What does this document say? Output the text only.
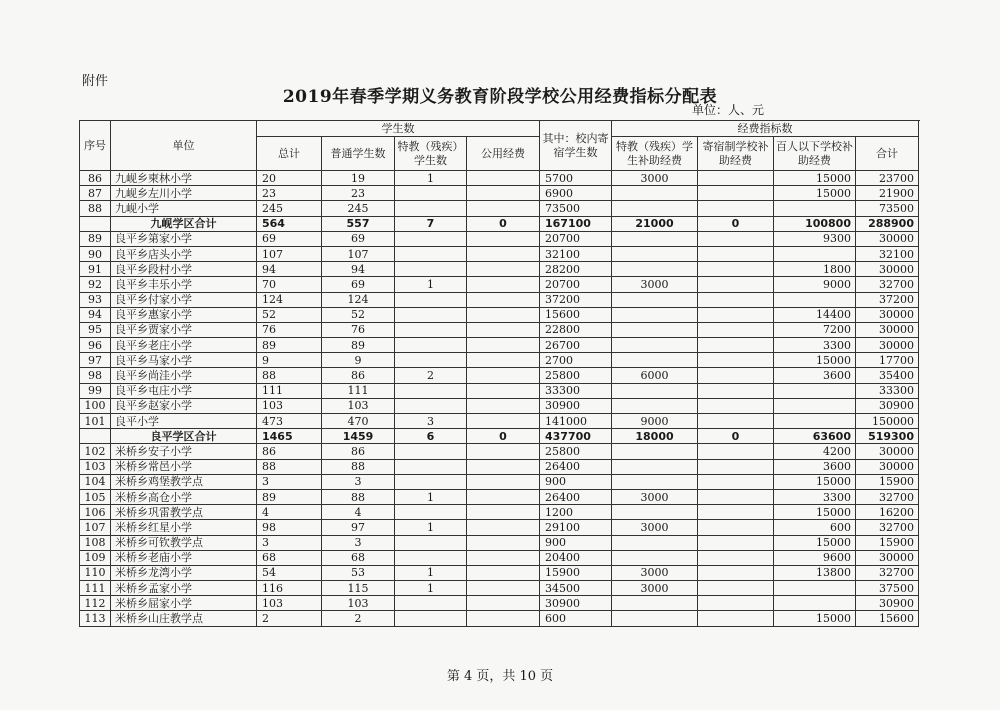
附件
2019年春季学期义务教育阶段学校公用经费指标分配表
单位：人、元
序号	单位	学生数				其中：校内寄宿学生数	经费指标数			
		总计	普通学生数	特教（残疾）学生数	公用经费		特教（残疾）学生补助经费	寄宿制学校补助经费	百人以下学校补助经费	合计
86	九岘乡柬林小学	20	19	1		5700	3000		15000	23700
87	九岘乡左川小学	23	23			6900			15000	21900
88	九岘小学	245	245			73500				73500
	九岘学区合计	564	557	7	0	167100	21000	0	100800	288900
89	良平乡第家小学	69	69			20700			9300	30000
90	良平乡店头小学	107	107			32100				32100
91	良平乡段村小学	94	94			28200			1800	30000
92	良平乡丰乐小学	70	69	1		20700	3000		9000	32700
93	良平乡付家小学	124	124			37200				37200
94	良平乡惠家小学	52	52			15600			14400	30000
95	良平乡贾家小学	76	76			22800			7200	30000
96	良平乡老庄小学	89	89			26700			3300	30000
97	良平乡马家小学	9	9			2700			15000	17700
98	良平乡尚洼小学	88	86	2		25800	6000		3600	35400
99	良平乡屯庄小学	111	111			33300				33300
100	良平乡赵家小学	103	103			30900				30900
101	良平小学	473	470	3		141000	9000			150000
	良平学区合计	1465	1459	6	0	437700	18000	0	63600	519300
102	米桥乡安子小学	86	86			25800			4200	30000
103	米桥乡常邑小学	88	88			26400			3600	30000
104	米桥乡鸡堡教学点	3	3			900			15000	15900
105	米桥乡高仓小学	89	88	1		26400	3000		3300	32700
106	米桥乡巩雷教学点	4	4			1200			15000	16200
107	米桥乡红星小学	98	97	1		29100	3000		600	32700
108	米桥乡可钦教学点	3	3			900			15000	15900
109	米桥乡老庙小学	68	68			20400			9600	30000
110	米桥乡龙湾小学	54	53	1		15900	3000		13800	32700
111	米桥乡孟家小学	116	115	1		34500	3000			37500
112	米桥乡屈家小学	103	103			30900				30900
113	米桥乡山庄教学点	2	2			600			15000	15600
第 4 页，共 10 页
